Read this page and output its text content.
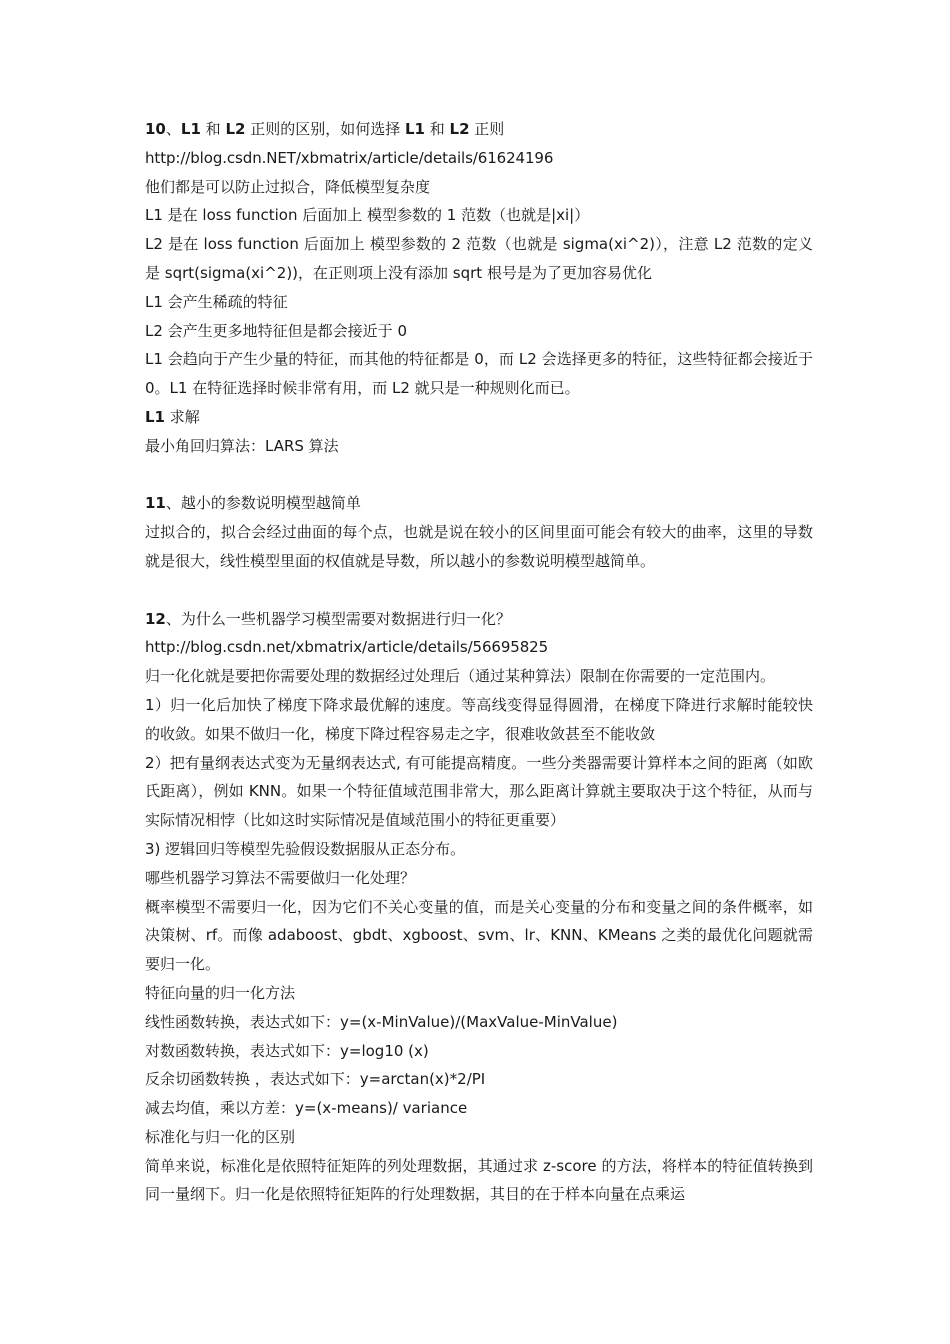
10、L1 和 L2 正则的区别，如何选择 L1 和 L2 正则
http://blog.csdn.NET/xbmatrix/article/details/61624196
他们都是可以防止过拟合，降低模型复杂度
L1 是在 loss function 后面加上 模型参数的 1 范数（也就是|xi|）
L2 是在 loss function 后面加上 模型参数的 2 范数（也就是 sigma(xi^2)），注意 L2 范数的定义是 sqrt(sigma(xi^2))，在正则项上没有添加 sqrt 根号是为了更加容易优化
L1 会产生稀疏的特征
L2 会产生更多地特征但是都会接近于 0
L1 会趋向于产生少量的特征，而其他的特征都是 0，而 L2 会选择更多的特征，这些特征都会接近于 0。L1 在特征选择时候非常有用，而 L2 就只是一种规则化而已。
L1 求解
最小角回归算法：LARS 算法
11、越小的参数说明模型越简单
过拟合的，拟合会经过曲面的每个点，也就是说在较小的区间里面可能会有较大的曲率，这里的导数就是很大，线性模型里面的权值就是导数，所以越小的参数说明模型越简单。
12、为什么一些机器学习模型需要对数据进行归一化？
http://blog.csdn.net/xbmatrix/article/details/56695825
归一化化就是要把你需要处理的数据经过处理后（通过某种算法）限制在你需要的一定范围内。
1）归一化后加快了梯度下降求最优解的速度。等高线变得显得圆滑，在梯度下降进行求解时能较快的收敛。如果不做归一化，梯度下降过程容易走之字，很难收敛甚至不能收敛
2）把有量纲表达式变为无量纲表达式, 有可能提高精度。一些分类器需要计算样本之间的距离（如欧氏距离），例如 KNN。如果一个特征值域范围非常大，那么距离计算就主要取决于这个特征，从而与实际情况相悖（比如这时实际情况是值域范围小的特征更重要）
3) 逻辑回归等模型先验假设数据服从正态分布。
哪些机器学习算法不需要做归一化处理？
概率模型不需要归一化，因为它们不关心变量的值，而是关心变量的分布和变量之间的条件概率，如决策树、rf。而像 adaboost、gbdt、xgboost、svm、lr、KNN、KMeans 之类的最优化问题就需要归一化。
特征向量的归一化方法
线性函数转换，表达式如下：y=(x-MinValue)/(MaxValue-MinValue)
对数函数转换，表达式如下：y=log10 (x)
反余切函数转换 ，表达式如下：y=arctan(x)*2/PI
减去均值，乘以方差：y=(x-means)/ variance
标准化与归一化的区别
简单来说，标准化是依照特征矩阵的列处理数据，其通过求 z-score 的方法，将样本的特征值转换到同一量纲下。归一化是依照特征矩阵的行处理数据，其目的在于样本向量在点乘运
